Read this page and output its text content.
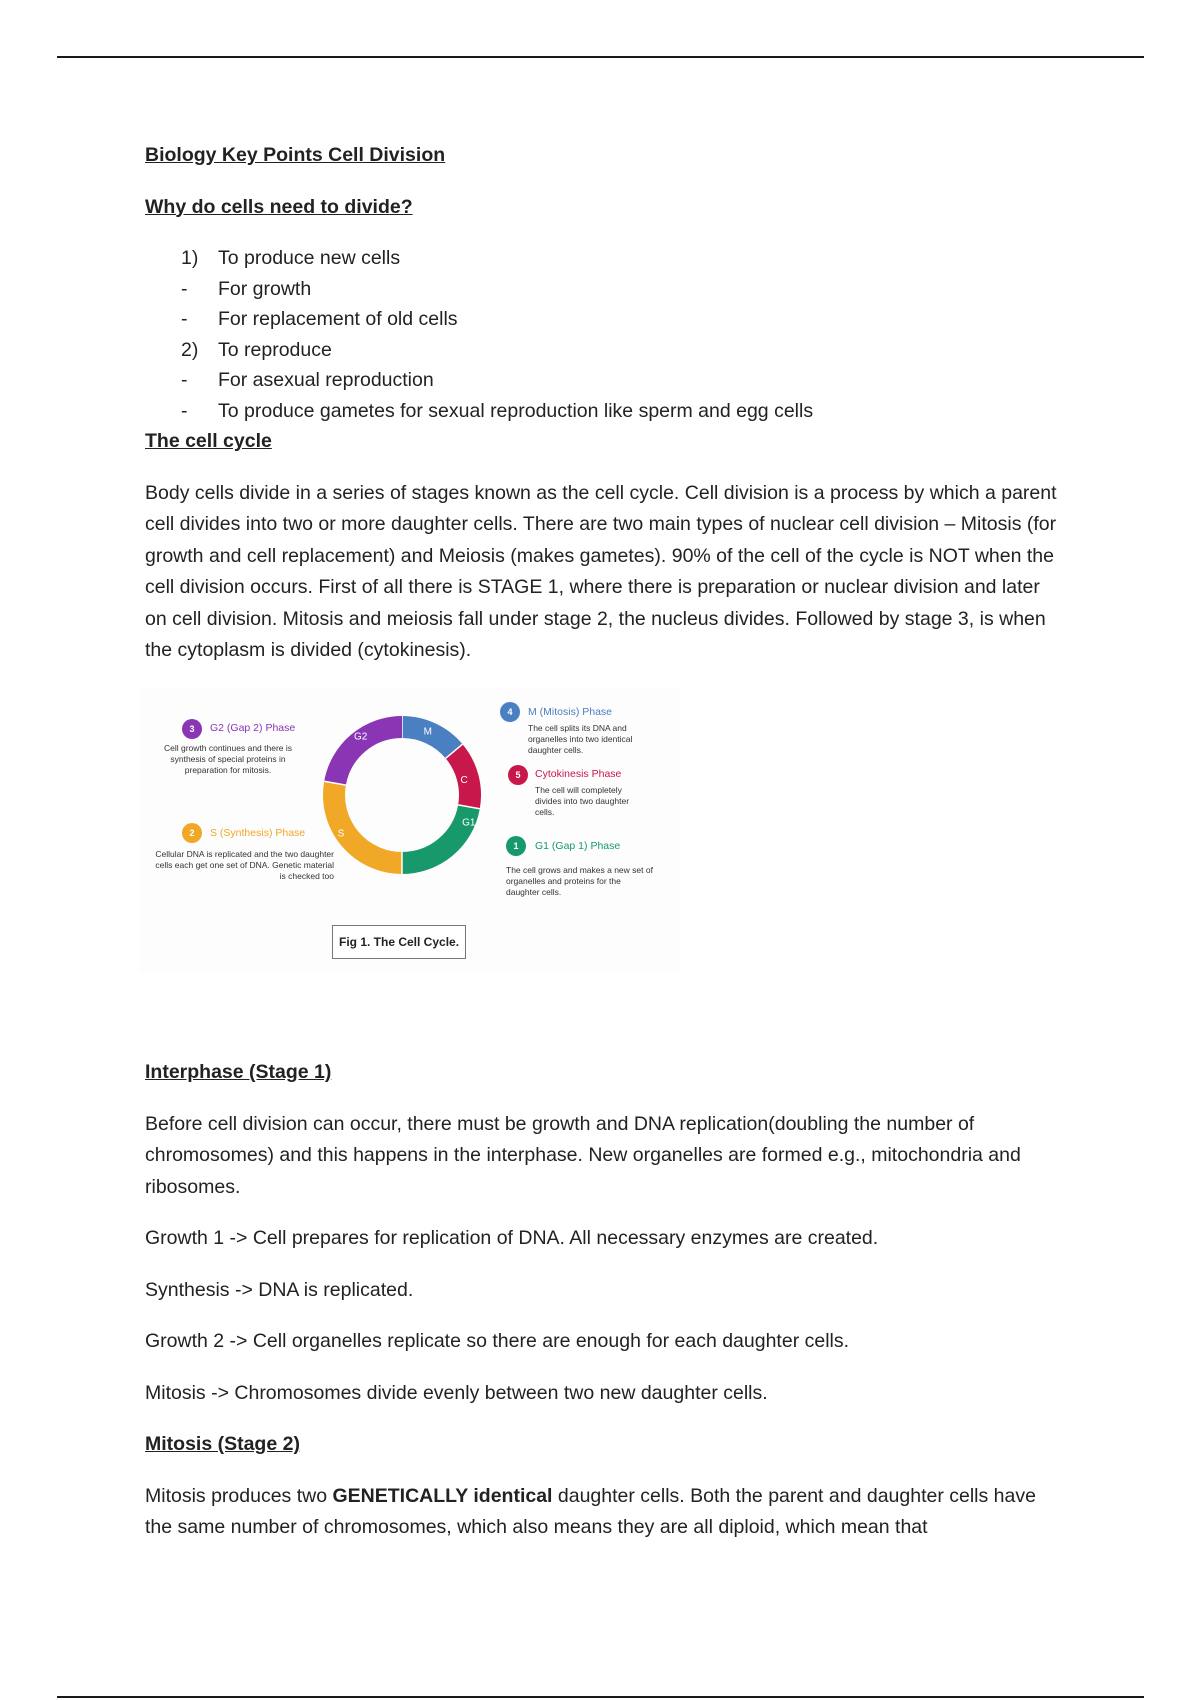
Biology Key Points Cell Division
Why do cells need to divide?
1) To produce new cells
- For growth
- For replacement of old cells
2) To reproduce
- For asexual reproduction
- To produce gametes for sexual reproduction like sperm and egg cells
The cell cycle

Body cells divide in a series of stages known as the cell cycle. Cell division is a process by which a parent cell divides into two or more daughter cells. There are two main types of nuclear cell division – Mitosis (for growth and cell replacement) and Meiosis (makes gametes). 90% of the cell of the cycle is NOT when the cell division occurs. First of all there is STAGE 1, where there is preparation or nuclear division and later on cell division. Mitosis and meiosis fall under stage 2, the nucleus divides. Followed by stage 3, is when the cytoplasm is divided (cytokinesis).

M
C
G1
S
G2
3	G2 (Gap 2) Phase
Cell growth continues and there is synthesis of special proteins in preparation for mitosis.
2	S (Synthesis) Phase
Cellular DNA is replicated and the two daughter cells each get one set of DNA. Genetic material is checked too
4	M (Mitosis) Phase
The cell splits its DNA and organelles into two identical daughter cells.
5	Cytokinesis Phase
The cell will completely divides into two daughter cells.
1	G1 (Gap 1) Phase
The cell grows and makes a new set of organelles and proteins for the daughter cells.
Fig 1. The Cell Cycle.
Interphase (Stage 1)

Before cell division can occur, there must be growth and DNA replication(doubling the number of chromosomes) and this happens in the interphase. New organelles are formed e.g., mitochondria and ribosomes.

Growth 1 -> Cell prepares for replication of DNA. All necessary enzymes are created.

Synthesis -> DNA is replicated.

Growth 2 -> Cell organelles replicate so there are enough for each daughter cells.

Mitosis -> Chromosomes divide evenly between two new daughter cells.

Mitosis (Stage 2)

Mitosis produces two GENETICALLY identical daughter cells. Both the parent and daughter cells have the same number of chromosomes, which also means they are all diploid, which mean that
